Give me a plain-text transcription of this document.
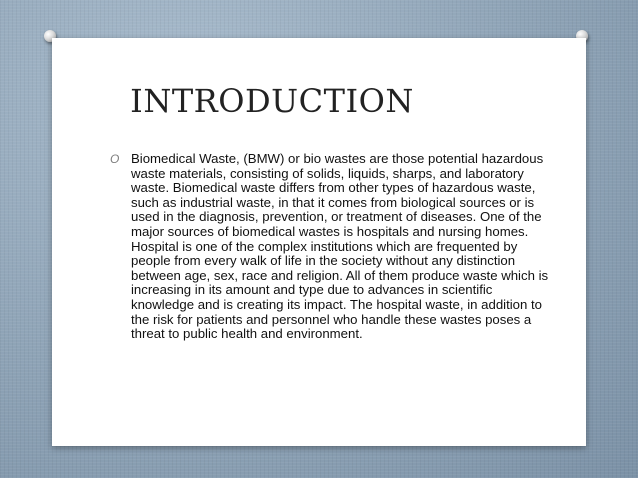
INTRODUCTION
O Biomedical Waste, (BMW) or bio wastes are those potential hazardous waste materials, consisting of solids, liquids, sharps, and laboratory waste. Biomedical waste differs from other types of hazardous waste, such as industrial waste, in that it comes from biological sources or is used in the diagnosis, prevention, or treatment of diseases. One of the major sources of biomedical wastes is hospitals and nursing homes. Hospital is one of the complex institutions which are frequented by people from every walk of life in the society without any distinction between age, sex, race and religion. All of them produce waste which is increasing in its amount and type due to advances in scientific knowledge and is creating its impact. The hospital waste, in addition to the risk for patients and personnel who handle these wastes poses a threat to public health and environment.
